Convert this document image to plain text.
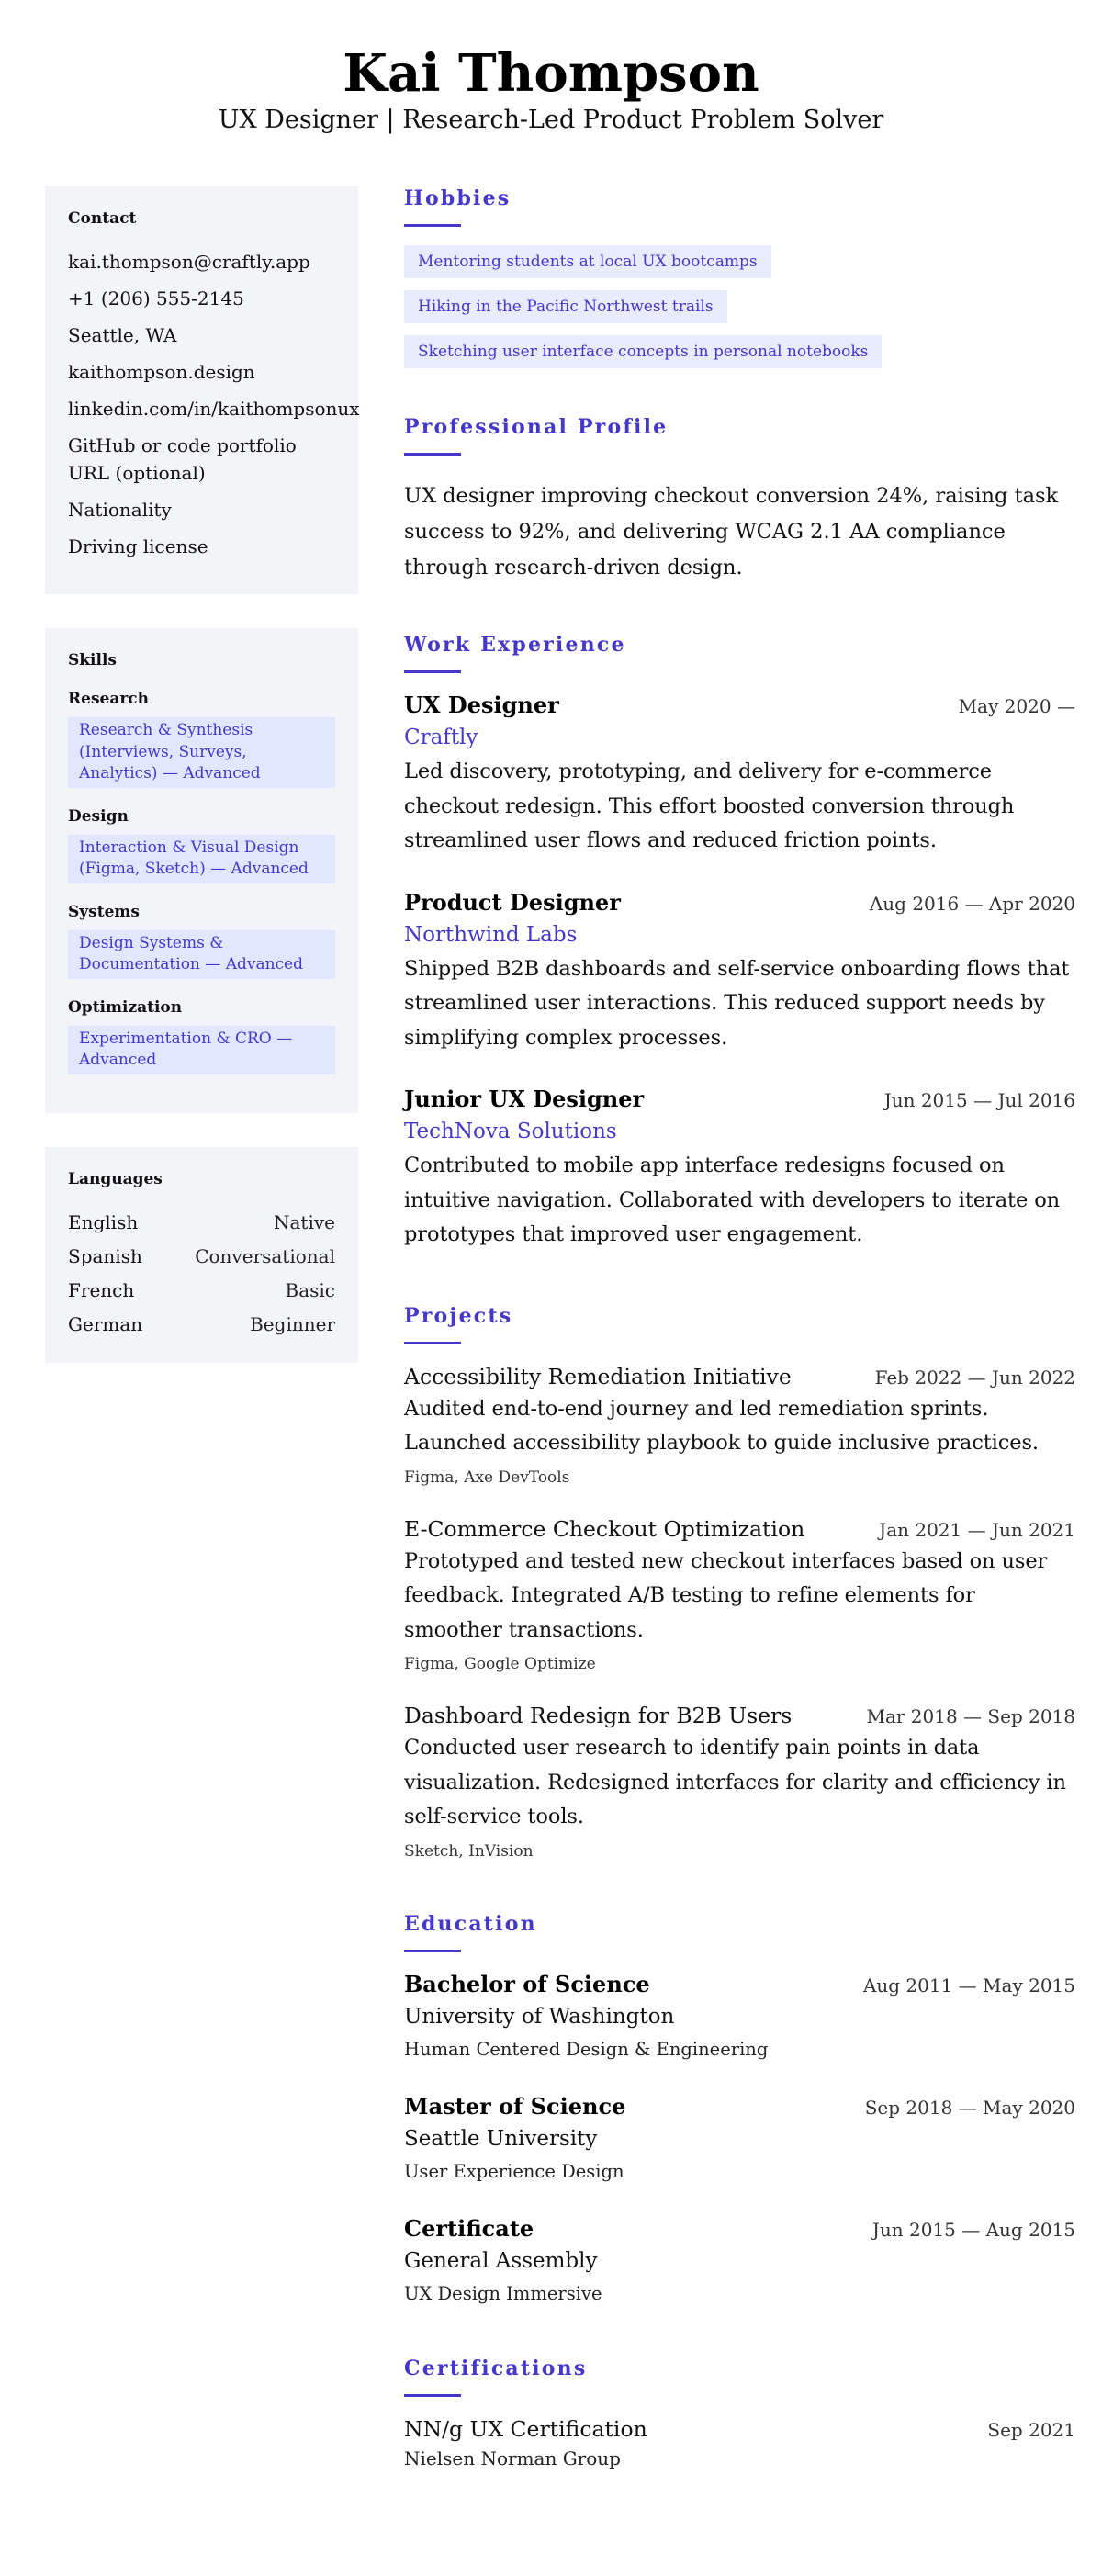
Kai Thompson
UX Designer | Research-Led Product Problem Solver
Contact
kai.thompson@craftly.app
+1 (206) 555-2145
Seattle, WA
kaithompson.design
linkedin.com/in/kaithompsonux
GitHub or code portfolio URL (optional)
Nationality
Driving license
Skills
Research
Research & Synthesis (Interviews, Surveys, Analytics) — Advanced
Design
Interaction & Visual Design (Figma, Sketch) — Advanced
Systems
Design Systems & Documentation — Advanced
Optimization
Experimentation & CRO — Advanced
Languages
English	Native
Spanish	Conversational
French	Basic
German	Beginner
Hobbies
Mentoring students at local UX bootcamps
Hiking in the Pacific Northwest trails
Sketching user interface concepts in personal notebooks
Professional Profile

UX designer improving checkout conversion 24%, raising task success to 92%, and delivering WCAG 2.1 AA compliance through research-driven design.

Work Experience
UX Designer	May 2020 —
Craftly

Led discovery, prototyping, and delivery for e-commerce checkout redesign. This effort boosted conversion through streamlined user flows and reduced friction points.

Product Designer	Aug 2016 — Apr 2020
Northwind Labs

Shipped B2B dashboards and self-service onboarding flows that streamlined user interactions. This reduced support needs by simplifying complex processes.

Junior UX Designer	Jun 2015 — Jul 2016
TechNova Solutions

Contributed to mobile app interface redesigns focused on intuitive navigation. Collaborated with developers to iterate on prototypes that improved user engagement.

Projects
Accessibility Remediation Initiative	Feb 2022 — Jun 2022

Audited end-to-end journey and led remediation sprints. Launched accessibility playbook to guide inclusive practices.

Figma, Axe DevTools
E-Commerce Checkout Optimization	Jan 2021 — Jun 2021

Prototyped and tested new checkout interfaces based on user feedback. Integrated A/B testing to refine elements for smoother transactions.

Figma, Google Optimize
Dashboard Redesign for B2B Users	Mar 2018 — Sep 2018

Conducted user research to identify pain points in data visualization. Redesigned interfaces for clarity and efficiency in self-service tools.

Sketch, InVision
Education
Bachelor of Science	Aug 2011 — May 2015
University of Washington
Human Centered Design & Engineering
Master of Science	Sep 2018 — May 2020
Seattle University
User Experience Design
Certificate	Jun 2015 — Aug 2015
General Assembly
UX Design Immersive
Certifications
NN/g UX Certification	Sep 2021
Nielsen Norman Group
